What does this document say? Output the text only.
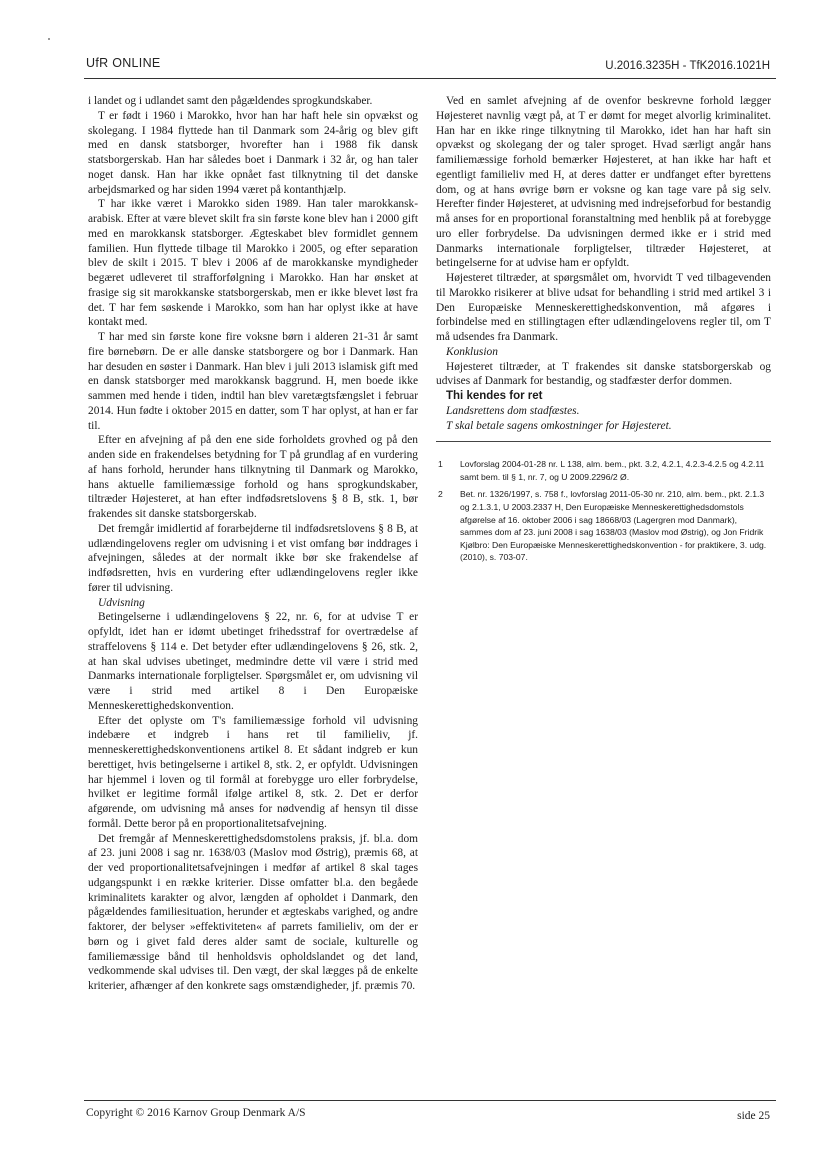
UfR ONLINE	U.2016.3235H - TfK2016.1021H

i landet og i udlandet samt den pågældendes sprogkundskaber.

T er født i 1960 i Marokko, hvor han har haft hele sin opvækst og skolegang. I 1984 flyttede han til Danmark som 24-årig og blev gift med en dansk statsborger, hvorefter han i 1988 fik dansk statsborgerskab. Han har således boet i Danmark i 32 år, og han taler noget dansk. Han har ikke opnået fast tilknytning til det danske arbejdsmarked og har siden 1994 været på kontanthjælp.

T har ikke været i Marokko siden 1989. Han taler marokkansk-arabisk. Efter at være blevet skilt fra sin første kone blev han i 2000 gift med en marokkansk statsborger. Ægteskabet blev formidlet gennem familien. Hun flyttede tilbage til Marokko i 2005, og efter separation blev de skilt i 2015. T blev i 2006 af de marokkanske myndigheder begæret udleveret til strafforfølgning i Marokko. Han har ønsket at frasige sig sit marokkanske statsborgerskab, men er ikke blevet løst fra det. T har fem søskende i Marokko, som han har oplyst ikke at have kontakt med.

T har med sin første kone fire voksne børn i alderen 21-31 år samt fire børnebørn. De er alle danske statsborgere og bor i Danmark. Han har desuden en søster i Danmark. Han blev i juli 2013 islamisk gift med en dansk statsborger med marokkansk baggrund. H, men boede ikke sammen med hende i tiden, indtil han blev varetægtsfængslet i februar 2014. Hun fødte i oktober 2015 en datter, som T har oplyst, at han er far til.

Efter en afvejning af på den ene side forholdets grovhed og på den anden side en frakendelses betydning for T på grundlag af en vurdering af hans forhold, herunder hans tilknytning til Danmark og Marokko, hans aktuelle familiemæssige forhold og hans sprogkundskaber, tiltræder Højesteret, at han efter indfødsretslovens § 8 B, stk. 1, bør frakendes sit danske statsborgerskab.

Det fremgår imidlertid af forarbejderne til indfødsretslovens § 8 B, at udlændingelovens regler om udvisning i et vist omfang bør inddrages i afvejningen, således at der normalt ikke bør ske frakendelse af indfødsretten, hvis en vurdering efter udlændingelovens regler ikke fører til udvisning.

Udvisning

Betingelserne i udlændingelovens § 22, nr. 6, for at udvise T er opfyldt, idet han er idømt ubetinget frihedsstraf for overtrædelse af straffelovens § 114 e. Det betyder efter udlændingelovens § 26, stk. 2, at han skal udvises ubetinget, medmindre dette vil være i strid med Danmarks internationale forpligtelser. Spørgsmålet er, om udvisning vil være i strid med artikel 8 i Den Europæiske Menneskerettighedskonvention.

Efter det oplyste om T's familiemæssige forhold vil udvisning indebære et indgreb i hans ret til familieliv, jf. menneskerettighedskonventionens artikel 8. Et sådant indgreb er kun berettiget, hvis betingelserne i artikel 8, stk. 2, er opfyldt. Udvisningen har hjemmel i loven og til formål at forebygge uro eller forbrydelse, hvilket er legitime formål ifølge artikel 8, stk. 2. Det er derfor afgørende, om udvisning må anses for nødvendig af hensyn til disse formål. Dette beror på en proportionalitetsafvejning.

Det fremgår af Menneskerettighedsdomstolens praksis, jf. bl.a. dom af 23. juni 2008 i sag nr. 1638/03 (Maslov mod Østrig), præmis 68, at der ved proportionalitetsafvejningen i medfør af artikel 8 skal tages udgangspunkt i en række kriterier. Disse omfatter bl.a. den begåede kriminalitets karakter og alvor, længden af opholdet i Danmark, den pågældendes familiesituation, herunder et ægteskabs varighed, og andre faktorer, der belyser »effektiviteten« af parrets familieliv, om der er børn og i givet fald deres alder samt de sociale, kulturelle og familiemæssige bånd til henholdsvis opholdslandet og det land, vedkommende skal udvises til. Den vægt, der skal lægges på de enkelte kriterier, afhænger af den konkrete sags omstændigheder, jf. præmis 70.

Ved en samlet afvejning af de ovenfor beskrevne forhold lægger Højesteret navnlig vægt på, at T er dømt for meget alvorlig kriminalitet. Han har en ikke ringe tilknytning til Marokko, idet han har haft sin opvækst og skolegang der og taler sproget. Hvad særligt angår hans familiemæssige forhold bemærker Højesteret, at han ikke har haft et egentligt familieliv med H, at deres datter er undfanget efter byrettens dom, og at hans øvrige børn er voksne og kan tage vare på sig selv. Herefter finder Højesteret, at udvisning med indrejseforbud for bestandig må anses for en proportional foranstaltning med henblik på at forebygge uro eller forbrydelse. Da udvisningen dermed ikke er i strid med Danmarks internationale forpligtelser, tiltræder Højesteret, at betingelserne for at udvise ham er opfyldt.

Højesteret tiltræder, at spørgsmålet om, hvorvidt T ved tilbagevenden til Marokko risikerer at blive udsat for behandling i strid med artikel 3 i Den Europæiske Menneskerettighedskonvention, må afgøres i forbindelse med en stillingtagen efter udlændingelovens regler til, om T må udsendes fra Danmark.

Konklusion

Højesteret tiltræder, at T frakendes sit danske statsborgerskab og udvises af Danmark for bestandig, og stadfæster derfor dommen.

Thi kendes for ret

Landsrettens dom stadfæstes.

T skal betale sagens omkostninger for Højesteret.

1	Lovforslag 2004-01-28 nr. L 138, alm. bem., pkt. 3.2, 4.2.1, 4.2.3-4.2.5 og 4.2.11 samt bem. til § 1, nr. 7, og U 2009.2296/2 Ø.
2	Bet. nr. 1326/1997, s. 758 f., lovforslag 2011-05-30 nr. 210, alm. bem., pkt. 2.1.3 og 2.1.3.1, U 2003.2337 H, Den Europæiske Menneskerettighedsdomstols afgørelse af 16. oktober 2006 i sag 18668/03 (Lagergren mod Danmark), sammes dom af 23. juni 2008 i sag 1638/03 (Maslov mod Østrig), og Jon Fridrik Kjølbro: Den Europæiske Menneskerettighedskonvention - for praktikere, 3. udg. (2010), s. 703-07.
Copyright © 2016 Karnov Group Denmark A/S	side 25
